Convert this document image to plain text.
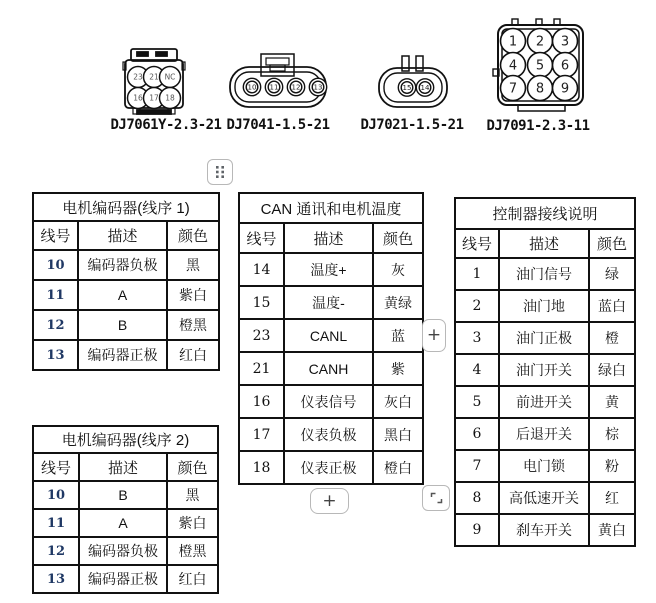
23 21 NC
16 17 18
DJ7061Y-2.3-21
10 11 12 13
DJ7041-1.5-21
15 14
DJ7021-1.5-21
1 2 3
4 5 6
7 8 9
DJ7091-2.3-11
电机编码器(线序 1)		
线号	描述	颜色
10	编码器负极	黑
11	A	紫白
12	B	橙黑
13	编码器正极	红白
CAN 通讯和电机温度		
线号	描述	颜色
14	温度+	灰
15	温度-	黄绿
23	CANL	蓝
21	CANH	紫
16	仪表信号	灰白
17	仪表负极	黑白
18	仪表正极	橙白
控制器接线说明		
线号	描述	颜色
1	油门信号	绿
2	油门地	蓝白
3	油门正极	橙
4	油门开关	绿白
5	前进开关	黄
6	后退开关	棕
7	电门锁	粉
8	高低速开关	红
9	刹车开关	黄白
电机编码器(线序 2)		
线号	描述	颜色
10	B	黑
11	A	紫白
12	编码器负极	橙黑
13	编码器正极	红白
+
+
